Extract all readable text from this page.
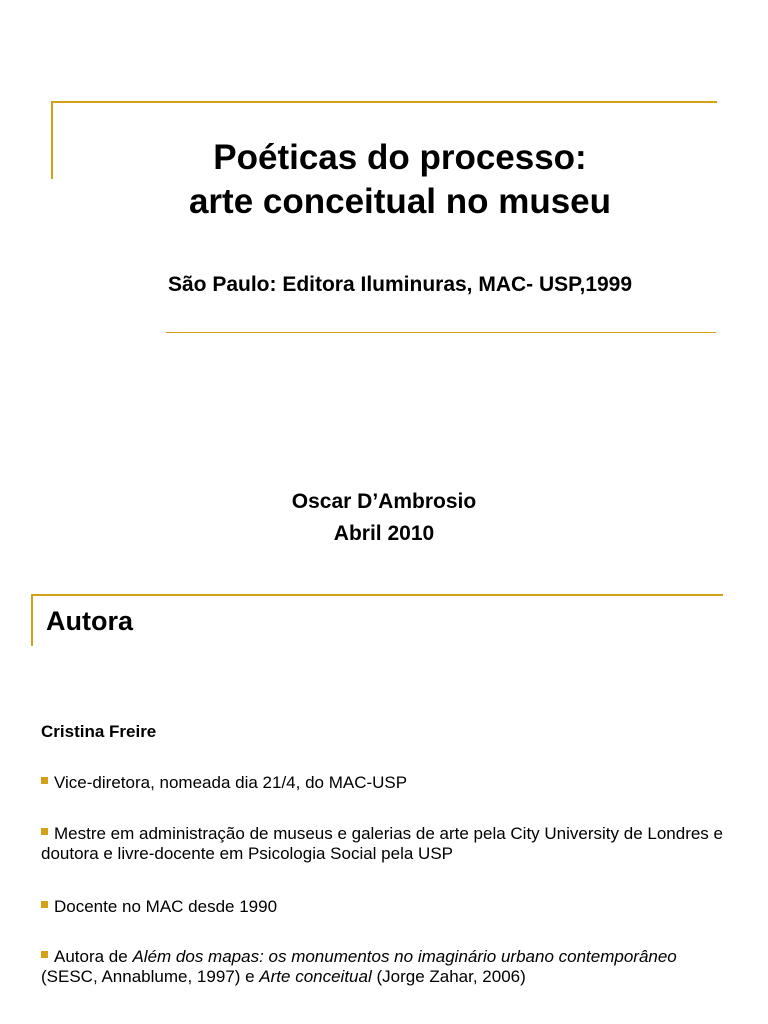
Poéticas do processo:
arte conceitual no museu
São Paulo: Editora Iluminuras, MAC- USP,1999
Oscar D’Ambrosio
Abril 2010
Autora
Cristina Freire
Vice-diretora, nomeada dia 21/4, do MAC-USP
Mestre em administração de museus e galerias de arte pela City University de Londres e doutora e livre-docente em Psicologia Social pela USP
Docente no MAC desde 1990
Autora de Além dos mapas: os monumentos no imaginário urbano contemporâneo (SESC, Annablume, 1997) e Arte conceitual (Jorge Zahar, 2006)
